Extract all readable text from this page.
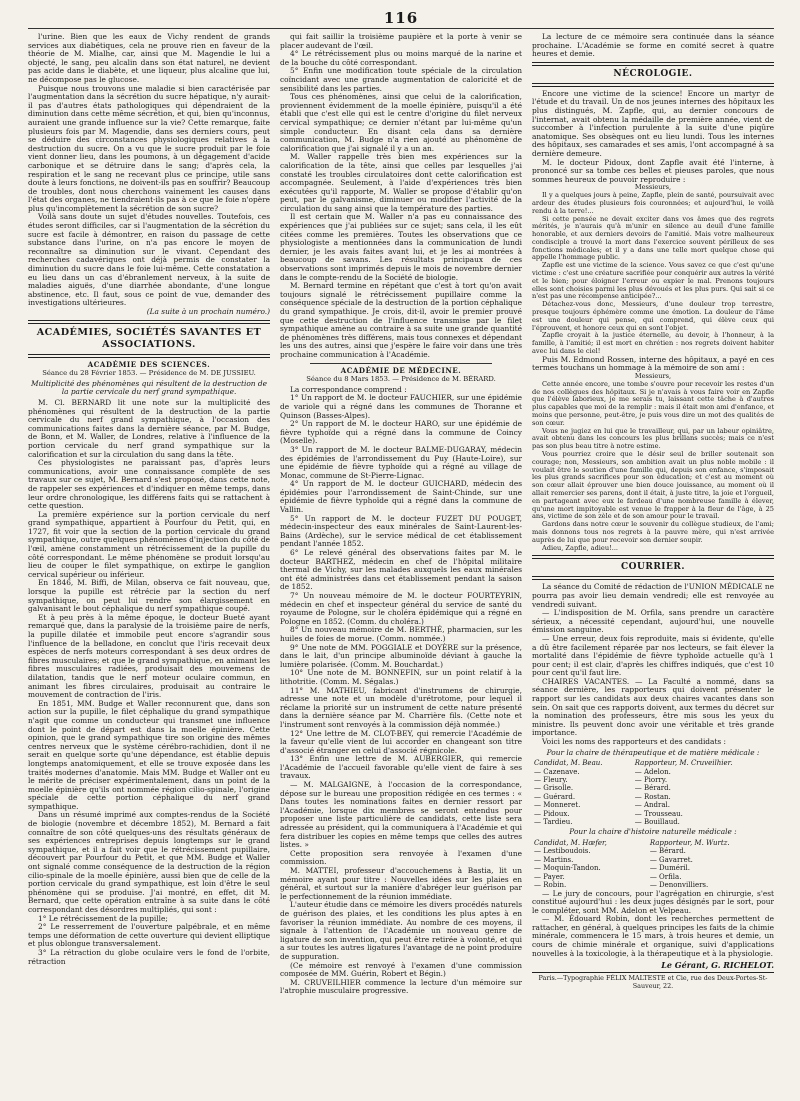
116

l'urine. Bien que les eaux de Vichy rendent de grands services aux diabétiques, cela ne prouve rien en faveur de la théorie de M. Mialhe, car, ainsi que M. Magendie le lui a objecté, le sang, peu alcalin dans son état naturel, ne devient pas acide dans le diabète, et une liqueur, plus alcaline que lui, ne décompose pas le glucose.

Puisque nous trouvons une maladie si bien caractérisée par l'augmentation dans la sécrétion du sucre hépatique, n'y aurait-il pas d'autres états pathologiques qui dépendraient de la diminution dans cette même sécrétion, et qui, bien qu'inconnus, auraient une grande influence sur la vie? Cette remarque, faite plusieurs fois par M. Magendie, dans ses derniers cours, peut se déduire des circonstances physiologiques relatives à la destruction du sucre. On a vu que le sucre produit par le foie vient donner lieu, dans les poumons, à un dégagement d'acide carbonique et se détruire dans le sang; d'après cela, la respiration et le sang ne recevant plus ce principe, utile sans doute à leurs fonctions, ne doivent-ils pas en souffrir? Beaucoup de troubles, dont nous cherchons vainement les causes dans l'état des organes, ne tiendraient-ils pas à ce que le foie n'opère plus qu'incomplètement la sécrétion de son sucre?

Voilà sans doute un sujet d'études nouvelles. Toutefois, ces études seront difficiles, car si l'augmentation de la sécrétion du sucre est facile à démontrer, en raison du passage de cette substance dans l'urine, on n'a pas encore le moyen de reconnaître sa diminution sur le vivant. Cependant des recherches cadavériques ont déjà permis de constater la diminution du sucre dans le foie lui-même. Cette constatation a eu lieu dans un cas d'ébranlement nerveux, à la suite de maladies aiguës, d'une diarrhée abondante, d'une longue abstinence, etc. Il faut, sous ce point de vue, demander des investigations ultérieures.

(La suite à un prochain numéro.)

ACADÉMIES, SOCIÉTÉS SAVANTES ET ASSOCIATIONS.
ACADÉMIE DES SCIENCES.
Séance du 28 Février 1853. — Présidence de M. DE JUSSIEU.
Multiplicité des phénomènes qui résultent de la destruction de la partie cervicale du nerf grand sympathique.

M. Cl. BERNARD lit une note sur la multiplicité des phénomènes qui résultent de la destruction de la partie cervicale du nerf grand sympathique, à l'occasion des communications faites dans la dernière séance, par M. Budge, de Bonn, et M. Waller, de Londres, relative à l'influence de la portion cervicale du nerf grand sympathique sur la calorification et sur la circulation du sang dans la tête.

Ces physiologistes ne paraissant pas, d'après leurs communications, avoir une connaissance complète de ses travaux sur ce sujet, M. Bernard s'est proposé, dans cette note, de rappeler ses expériences et d'indiquer en même temps, dans leur ordre chronologique, les différens faits qui se rattachent à cette question.

La première expérience sur la portion cervicale du nerf grand sympathique, appartient à Pourfour du Petit, qui, en 1727, fit voir que la section de la portion cervicale du grand sympathique, outre quelques phénomènes d'injection du côté de l'œil, amène constamment un rétrécissement de la pupille du côté correspondant. Le même phénomène se produit lorsqu'au lieu de couper le filet sympathique, on extirpe le ganglion cervical supérieur ou inférieur.

En 1846, M. Biffi, de Milan, observa ce fait nouveau, que, lorsque la pupille est rétrécie par la section du nerf sympathique, on peut lui rendre son élargissement en galvanisant le bout céphalique du nerf sympathique coupé.

Et à peu près à la même époque, le docteur Bueté ayant remarqué que, dans la paralysie de la troisième paire de nerfs, la pupille dilatée et immobile peut encore s'agrandir sous l'influence de la belladone, en conclut que l'iris recevait deux espèces de nerfs moteurs correspondant à ses deux ordres de fibres musculaires; et que le grand sympathique, en animant les fibres musculaires radiées, produisait des mouvemens de dilatation, tandis que le nerf moteur oculaire commun, en animant les fibres circulaires, produisait au contraire le mouvement de contraction de l'iris.

En 1851, MM. Budge et Waller reconnurent que, dans son action sur la pupille, le filet céphalique du grand sympathique n'agit que comme un conducteur qui transmet une influence dont le point de départ est dans la moelle épinière. Cette opinion, que le grand sympathique tire son origine des mêmes centres nerveux que le système cérébro-rachidien, dont il ne serait en quelque sorte qu'une dépendance, est établie depuis longtemps anatomiquement, et elle se trouve exposée dans les traités modernes d'anatomie. Mais MM. Budge et Waller ont eu le mérite de préciser expérimentalement, dans un point de la moelle épinière qu'ils ont nommée région cilio-spinale, l'origine spéciale de cette portion céphalique du nerf grand sympathique.

Dans un résumé imprimé aux comptes-rendus de la Société de biologie (novembre et décembre 1852), M. Bernard a fait connaître de son côté quelques-uns des résultats généraux de ses expériences entreprises depuis longtemps sur le grand sympathique, et il a fait voir que le rétrécissement pupillaire, découvert par Pourfour du Petit, et que MM. Budge et Waller ont signalé comme conséquence de la destruction de la région cilio-spinale de la moelle épinière, aussi bien que de celle de la portion cervicale du grand sympathique, est loin d'être le seul phénomène qui se produise. J'ai montré, en effet, dit M. Bernard, que cette opération entraîne à sa suite dans le côté correspondant des désordres multipliés, qui sont :

1° Le rétrécissement de la pupille;

2° Le resserrement de l'ouverture palpébrale, et en même temps une déformation de cette ouverture qui devient elliptique et plus oblongue transversalement.

3° La rétraction du globe oculaire vers le fond de l'orbite, rétraction

qui fait saillir la troisième paupière et la porte à venir se placer audevant de l'œil.

4° Le rétrécissement plus ou moins marqué de la narine et de la bouche du côté correspondant.

5° Enfin une modification toute spéciale de la circulation coïncidant avec une grande augmentation de caloricité et de sensibilité dans les parties.

Tous ces phénomènes, ainsi que celui de la calorification, proviennent évidemment de la moelle épinière, puisqu'il a été établi que c'est elle qui est le centre d'origine du filet nerveux cervical sympathique; ce dernier n'étant par lui-même qu'un simple conducteur. En disant cela dans sa dernière communication, M. Budge n'a rien ajouté au phénomène de calorification que j'ai signalé il y a un an.

M. Waller rappelle très bien mes expériences sur la calorification de la tête, ainsi que celles par lesquelles j'ai constaté les troubles circulatoires dont cette calorification est accompagnée. Seulement, à l'aide d'expériences très bien exécutées qu'il rapporte, M. Waller se propose d'établir qu'on peut, par le galvanisme, diminuer ou modifier l'activité de la circulation du sang ainsi que la température des parties.

Il est certain que M. Waller n'a pas eu connaissance des expériences que j'ai publiées sur ce sujet; sans cela, il les eût citées comme les premières. Toutes les observations que ce physiologiste a mentionnées dans la communication de lundi dernier, je les avais faites avant lui, et je les ai montrées à beaucoup de savans. Les résultats principaux de ces observations sont imprimés depuis le mois de novembre dernier dans le compte-rendu de la Société de biologie.

M. Bernard termine en répétant que c'est à tort qu'on avait toujours signalé le rétrécissement pupillaire comme la conséquence spéciale de la destruction de la portion céphalique du grand sympathique. Je crois, dit-il, avoir le premier prouvé que cette destruction de l'influence transmise par le filet sympathique amène au contraire à sa suite une grande quantité de phénomènes très différens, mais tous connexes et dépendant les uns des autres, ainsi que j'espère le faire voir dans une très prochaine communication à l'Académie.

ACADÉMIE DE MÉDECINE.
Séance du 8 Mars 1853. — Présidence de M. BÉRARD.

La correspondance comprend :

1° Un rapport de M. le docteur FAUCHIER, sur une épidémie de variole qui a régné dans les communes de Thoranne et Quinson (Basses-Alpes).

2° Un rapport de M. le docteur HARO, sur une épidémie de fièvre typhoïde qui a régné dans la commune de Coincy (Moselle).

3° Un rapport de M. le docteur BALME-DUGARAY, médecin des épidémies de l'arrondissement du Puy (Haute-Loire), sur une épidémie de fièvre typhoïde qui a régné au village de Monac, commune de St-Pierre-Lignac.

4° Un rapport de M. le docteur GUICHARD, médecin des épidémies pour l'arrondissement de Saint-Chinde, sur une épidémie de fièvre typhoïde qui a régné dans la commune de Vallin.

5° Un rapport de M. le docteur FUZET DU POUGET, médecin-inspecteur des eaux minérales de Saint-Laurent-les-Bains (Ardèche), sur le service médical de cet établissement pendant l'année 1852.

6° Le relevé général des observations faites par M. le docteur BARTHEZ, médecin en chef de l'hôpital militaire thermal de Vichy, sur les malades auxquels les eaux minérales ont été administrées dans cet établissement pendant la saison de 1852.

7° Un nouveau mémoire de M. le docteur FOURTEYRIN, médecin en chef et inspecteur général du service de santé du royaume de Pologne, sur le choléra épidémique qui a régné en Pologne en 1852. (Comm. du choléra.)

8° Un nouveau mémoire de M. BERTHÉ, pharmacien, sur les huiles de foies de morue. (Comm. nommée.)

9° Une note de MM. POGGIALE et DOYÈRE sur la présence, dans le lait, d'un principe albuminoïde déviant à gauche la lumière polarisée. (Comm. M. Bouchardat.)

10° Une note de M. BONNEFIN, sur un point relatif à la lithotritie. (Comm. M. Ségalas.)

11° M. MATHIEU, fabricant d'instrumens de chirurgie, adresse une note et un modèle d'urétrotome, pour lequel il réclame la priorité sur un instrument de cette nature présenté dans la dernière séance par M. Charrière fils. (Cette note et l'instrument sont renvoyés à la commission déjà nommée.)

12° Une lettre de M. CLOT-BEY, qui remercie l'Académie de la faveur qu'elle vient de lui accorder en changeant son titre d'associé étranger en celui d'associé régnicole.

13° Enfin une lettre de M. AUBERGIER, qui remercie l'Académie de l'accueil favorable qu'elle vient de faire à ses travaux.

— M. MALGAIGNE, à l'occasion de la correspondance, dépose sur le bureau une proposition rédigée en ces termes : « Dans toutes les nominations faites en dernier ressort par l'Académie, lorsque dix membres se seront entendus pour proposer une liste particulière de candidats, cette liste sera adressée au président, qui la communiquera à l'Académie et qui fera distribuer les copies en même temps que celles des autres listes. »

Cette proposition sera renvoyée à l'examen d'une commission.

M. MATTEI, professeur d'accouchemens à Bastia, lit un mémoire ayant pour titre : Nouvelles idées sur les plaies en général, et surtout sur la manière d'abréger leur guérison par le perfectionnement de la réunion immédiate.

L'auteur étudie dans ce mémoire les divers procédés naturels de guérison des plaies, et les conditions les plus aptes à en favoriser la réunion immédiate. Au nombre de ces moyens, il signale à l'attention de l'Académie un nouveau genre de ligature de son invention, qui peut être retirée à volonté, et qui a sur toutes les autres ligatures l'avantage de ne point produire de suppuration.

(Ce mémoire est renvoyé à l'examen d'une commission composée de MM. Guérin, Robert et Bégin.)

M. CRUVEILHIER commence la lecture d'un mémoire sur l'atrophie musculaire progressive.

La lecture de ce mémoire sera continuée dans la séance prochaine. L'Académie se forme en comité secret à quatre heures et demie.

NÉCROLOGIE.

Encore une victime de la science! Encore un martyr de l'étude et du travail. Un de nos jeunes internes des hôpitaux les plus distingués, M. Zapfle, qui, au dernier concours de l'internat, avait obtenu la médaille de première année, vient de succomber à l'infection purulente à la suite d'une piqûre anatomique. Ses obsèques ont eu lieu lundi. Tous les internes des hôpitaux, ses camarades et ses amis, l'ont accompagné à sa dernière demeure.

M. le docteur Pidoux, dont Zapfle avait été l'interne, à prononcé sur sa tombe ces belles et pieuses paroles, que nous sommes heureux de pouvoir reproduire :

Messieurs,

Il y a quelques jours à peine, Zapfle, plein de santé, poursuivait avec ardeur des études plusieurs fois couronnées; et aujourd'hui, le voilà rendu à la terre!...

Si cette pensée ne devait exciter dans vos âmes que des regrets mérités, je n'aurais qu'à m'unir en silence au deuil d'une famille honorable, et aux derniers devoirs de l'amitié. Mais votre malheureux condisciple a trouvé la mort dans l'exercice souvent périlleux de ses fonctions médicales; et il y a dans une telle mort quelque chose qui appelle l'hommage public.

Zapfle est une victime de la science. Vous savez ce que c'est qu'une victime : c'est une créature sacrifiée pour conquérir aux autres la vérité et le bien; pour éloigner l'erreur ou expier le mal. Prenons toujours elles sont choisies parmi les plus dévoués et les plus purs. Qui sait si ce n'est pas une récompense anticipée?...

Détachez-vous donc, Messieurs, d'une douleur trop terrestre, presque toujours éphémère comme une émotion. La douleur de l'âme est une douleur qui pense, qui comprend, qui élève ceux qui l'éprouvent, et honore ceux qui en sont l'objet.

Zapfle croyait à la justice éternelle, au devoir, à l'honneur, à la famille, à l'amitié; il est mort en chrétien : nos regrets doivent habiter avec lui dans le ciel!

Puis M. Edmond Rossen, interne des hôpitaux, a payé en ces termes touchans un hommage à la mémoire de son ami :

Messieurs,

Cette année encore, une tombe s'ouvre pour recevoir les restes d'un de nos collègues des hôpitaux. Si je n'avais à vous faire voir en Zapfle que l'élève laborieux, je me serais tu, laissant cette tâche à d'autres plus capables que moi de la remplir : mais il était mon ami d'enfance, et moins que personne, peut-être, je puis vous dire un mot des qualités de son cœur.

Vous ne jugiez en lui que le travailleur, qui, par un labeur opiniâtre, avait obtenu dans les concours les plus brillans succès; mais ce n'est pas son plus beau titre à notre estime.

Vous pourriez croire que le désir seul de briller soutenait son courage; non, Messieurs, son ambition avait un plus noble mobile : il voulait être le soutien d'une famille qui, depuis son enfance, s'imposait les plus grands sacrifices pour son éducation; et c'est au moment où son cœur allait éprouver une bien douce jouissance, au moment où il allait remercier ses parens, dont il était, à juste titre, la joie et l'orgueil, en partageant avec eux le fardeau d'une nombreuse famille à élever, qu'une mort impitoyable est venue le frapper à la fleur de l'âge, à 25 ans, victime de son zèle et de son amour pour le travail.

Gardons dans notre cœur le souvenir du collègue studieux, de l'ami; mais donnons tous nos regrets à la pauvre mère, qui n'est arrivée auprès de lui que pour recevoir son dernier soupir.

Adieu, Zapfle, adieu!...

COURRIER.

La séance du Comité de rédaction de l'UNION MÉDICALE ne pourra pas avoir lieu demain vendredi; elle est renvoyée au vendredi suivant.

— L'indisposition de M. Orfila, sans prendre un caractère sérieux, a nécessité cependant, aujourd'hui, une nouvelle émission sanguine.

— Une erreur, deux fois reproduite, mais si évidente, qu'elle a dû être facilement réparée par nos lecteurs, se fait élever la mortalité dans l'épidémie de fièvre typhoïde actuelle qu'à 1 pour cent; il est clair, d'après les chiffres indiqués, que c'est 10 pour cent qu'il faut lire.

CHAIRES VACANTES. — La Faculté a nommé, dans sa séance dernière, les rapporteurs qui doivent présenter le rapport sur les candidats aux deux chaires vacantes dans son sein. On sait que ces rapports doivent, aux termes du décret sur la nomination des professeurs, être mis sous les yeux du ministre. Ils peuvent donc avoir une véritable et très grande importance.

Voici les noms des rapporteurs et des candidats :

Pour la chaire de thérapeutique et de matière médicale :
Candidat, M. Beau.	Rapporteur, M. Cruveilhier.
— Cazenave.	— Adelon.
— Fleury.	— Piorry.
— Grisolle.	— Bérard.
— Guérard.	— Rostan.
— Monneret.	— Andral.
— Pidoux.	— Trousseau.
— Tardieu.	— Bouillaud.
Pour la chaire d'histoire naturelle médicale :
Candidat, M. Hœfer,	Rapporteur, M. Wurtz.
— Lestiboudois.	— Bérard.
— Martins.	— Gavarret.
— Moquin-Tandon.	— Duméril.
— Payer.	— Orfila.
— Robin.	— Denonvilliers.

— Le jury de concours, pour l'agrégation en chirurgie, s'est constitué aujourd'hui : les deux juges désignés par le sort, pour le compléter, sont MM. Adelon et Velpeau.

— M. Édouard Robin, dont les recherches permettent de rattacher, en général, à quelques principes les faits de la chimie minérale, commencera le 15 mars, à trois heures et demie, un cours de chimie minérale et organique, suivi d'applications nouvelles à la toxicologie, à la thérapeutique et à la physiologie.

Le Gérant, G. RICHELOT.
Paris.—Typographie FÉLIX MALTESTE et Cie, rue des Deux-Portes-St-Sauveur, 22.
